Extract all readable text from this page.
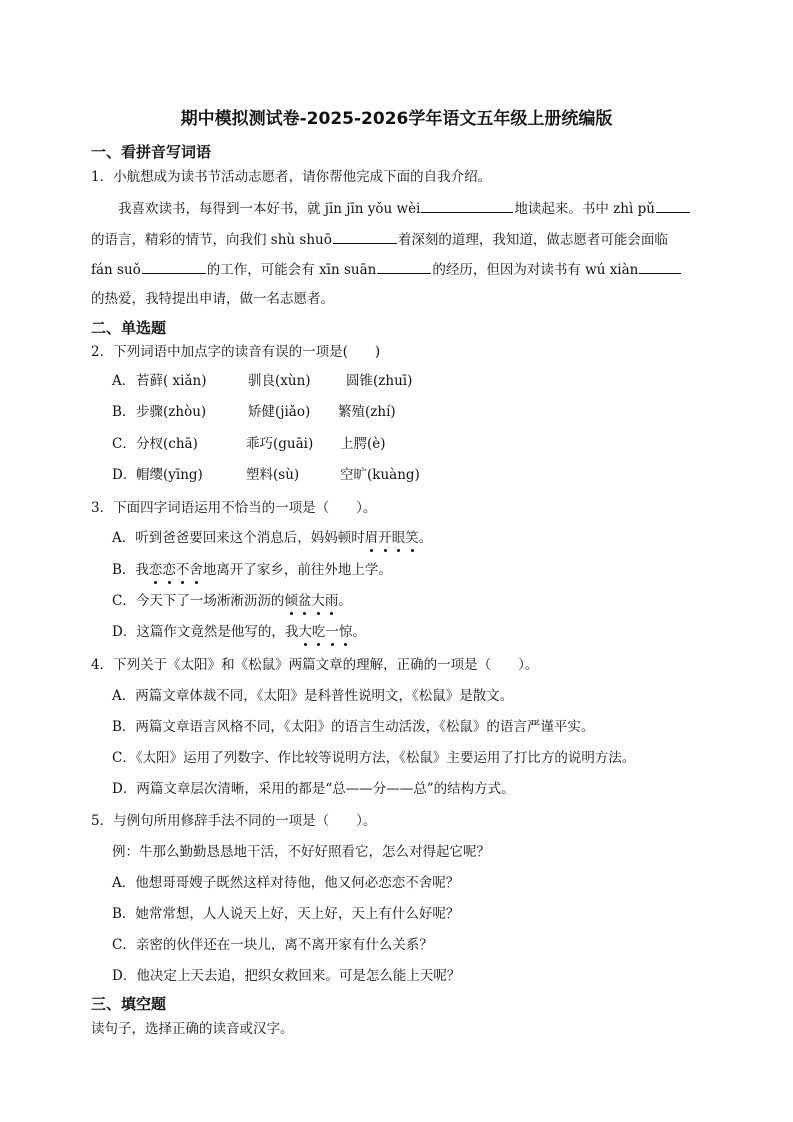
期中模拟测试卷-2025-2026学年语文五年级上册统编版
一、看拼音写词语
1．小航想成为读书节活动志愿者，请你帮他完成下面的自我介绍。
我喜欢读书，每得到一本好书，就 jīn jīn yǒu wèi	地读起来。书中 zhì pǔ
的语言，精彩的情节，向我们 shù shuō	着深刻的道理，我知道，做志愿者可能会面临
fán suǒ	的工作，可能会有 xīn suān	的经历，但因为对读书有 wú xiàn
的热爱，我特提出申请，做一名志愿者。
二、单选题
2．下列词语中加点字的读音有误的一项是(　　)
A． 苔藓( xiǎn)	驯良(xùn)	圆锥(zhuī)
B． 步骤(zhòu)	矫健(jiǎo) 繁殖(zhí)
C． 分杈(chā)	乖巧(guāi) 上腭(è)
D． 帽缨(yīng)	塑料(sù)	空旷(kuàng)
3．下面四字词语运用不恰当的一项是（　　）。
A．听到爸爸要回来这个消息后，妈妈顿时眉开眼笑。
B．我恋恋不舍地离开了家乡，前往外地上学。
C．今天下了一场淅淅沥沥的倾盆大雨。
D．这篇作文竟然是他写的，我大吃一惊。
4．下列关于《太阳》和《松鼠》两篇文章的理解，正确的一项是（　　）。
A．两篇文章体裁不同，《太阳》是科普性说明文，《松鼠》是散文。
B．两篇文章语言风格不同，《太阳》的语言生动活泼，《松鼠》的语言严谨平实。
C．《太阳》运用了列数字、作比较等说明方法，《松鼠》主要运用了打比方的说明方法。
D．两篇文章层次清晰，采用的都是“总——分——总”的结构方式。
5．与例句所用修辞手法不同的一项是（　　）。
例：牛那么勤勤恳恳地干活，不好好照看它，怎么对得起它呢？
A．他想哥哥嫂子既然这样对待他，他又何必恋恋不舍呢？
B．她常常想，人人说天上好，天上好，天上有什么好呢？
C．亲密的伙伴还在一块儿，离不离开家有什么关系？
D．他决定上天去追，把织女救回来。可是怎么能上天呢？
三、填空题
读句子，选择正确的读音或汉字。
